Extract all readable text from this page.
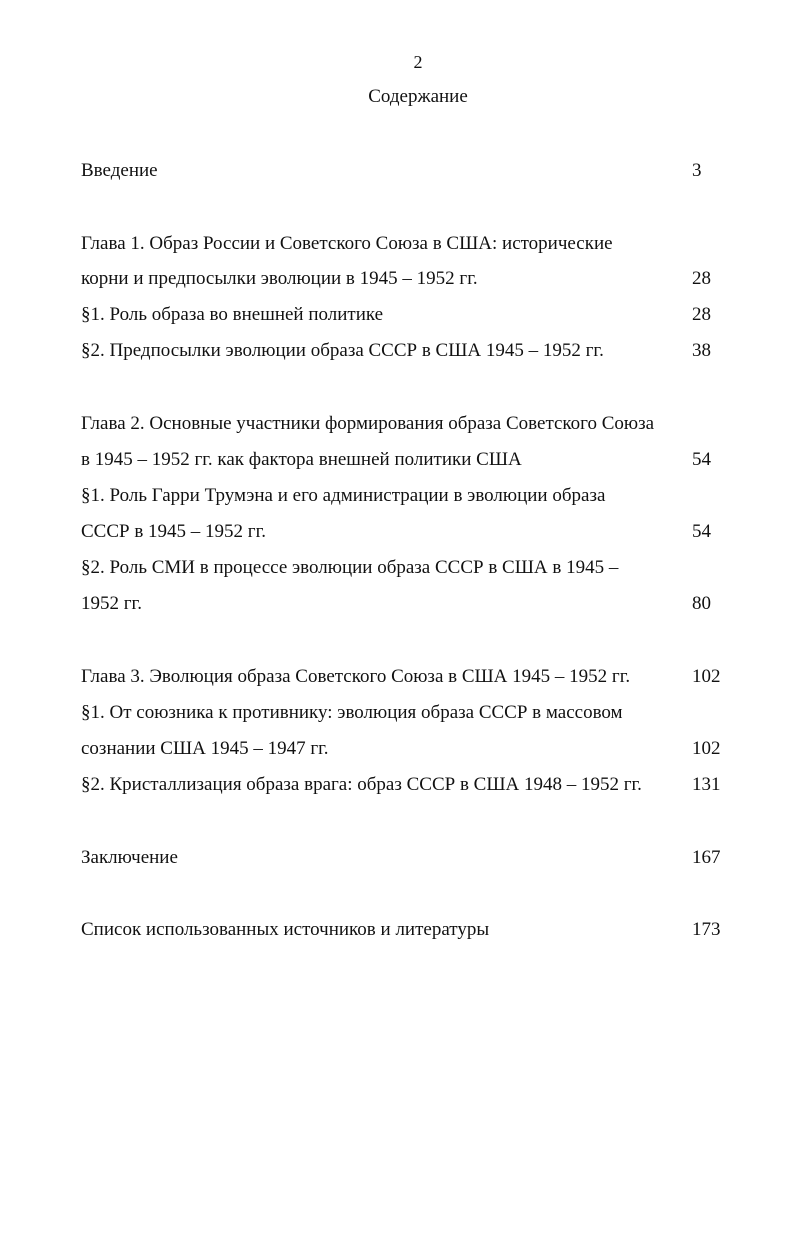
2
Содержание
Введение	3
Глава 1. Образ России и Советского Союза в США: исторические
корни и предпосылки эволюции в 1945 – 1952 гг.	28
§1. Роль образа во внешней политике	28
§2. Предпосылки эволюции образа СССР в США 1945 – 1952 гг.	38
Глава 2. Основные участники формирования образа Советского Союза
в 1945 – 1952 гг. как фактора внешней политики США	54
§1. Роль Гарри Трумэна и его администрации в эволюции образа
СССР в 1945 – 1952 гг.	54
§2. Роль СМИ в процессе эволюции образа СССР в США в 1945 –
1952 гг.	80
Глава 3. Эволюция образа Советского Союза в США 1945 – 1952 гг.	102
§1. От союзника к противнику: эволюция образа СССР в массовом
сознании США 1945 – 1947 гг.	102
§2. Кристаллизация образа врага: образ СССР в США 1948 – 1952 гг.	131
Заключение	167
Список использованных источников и литературы	173
